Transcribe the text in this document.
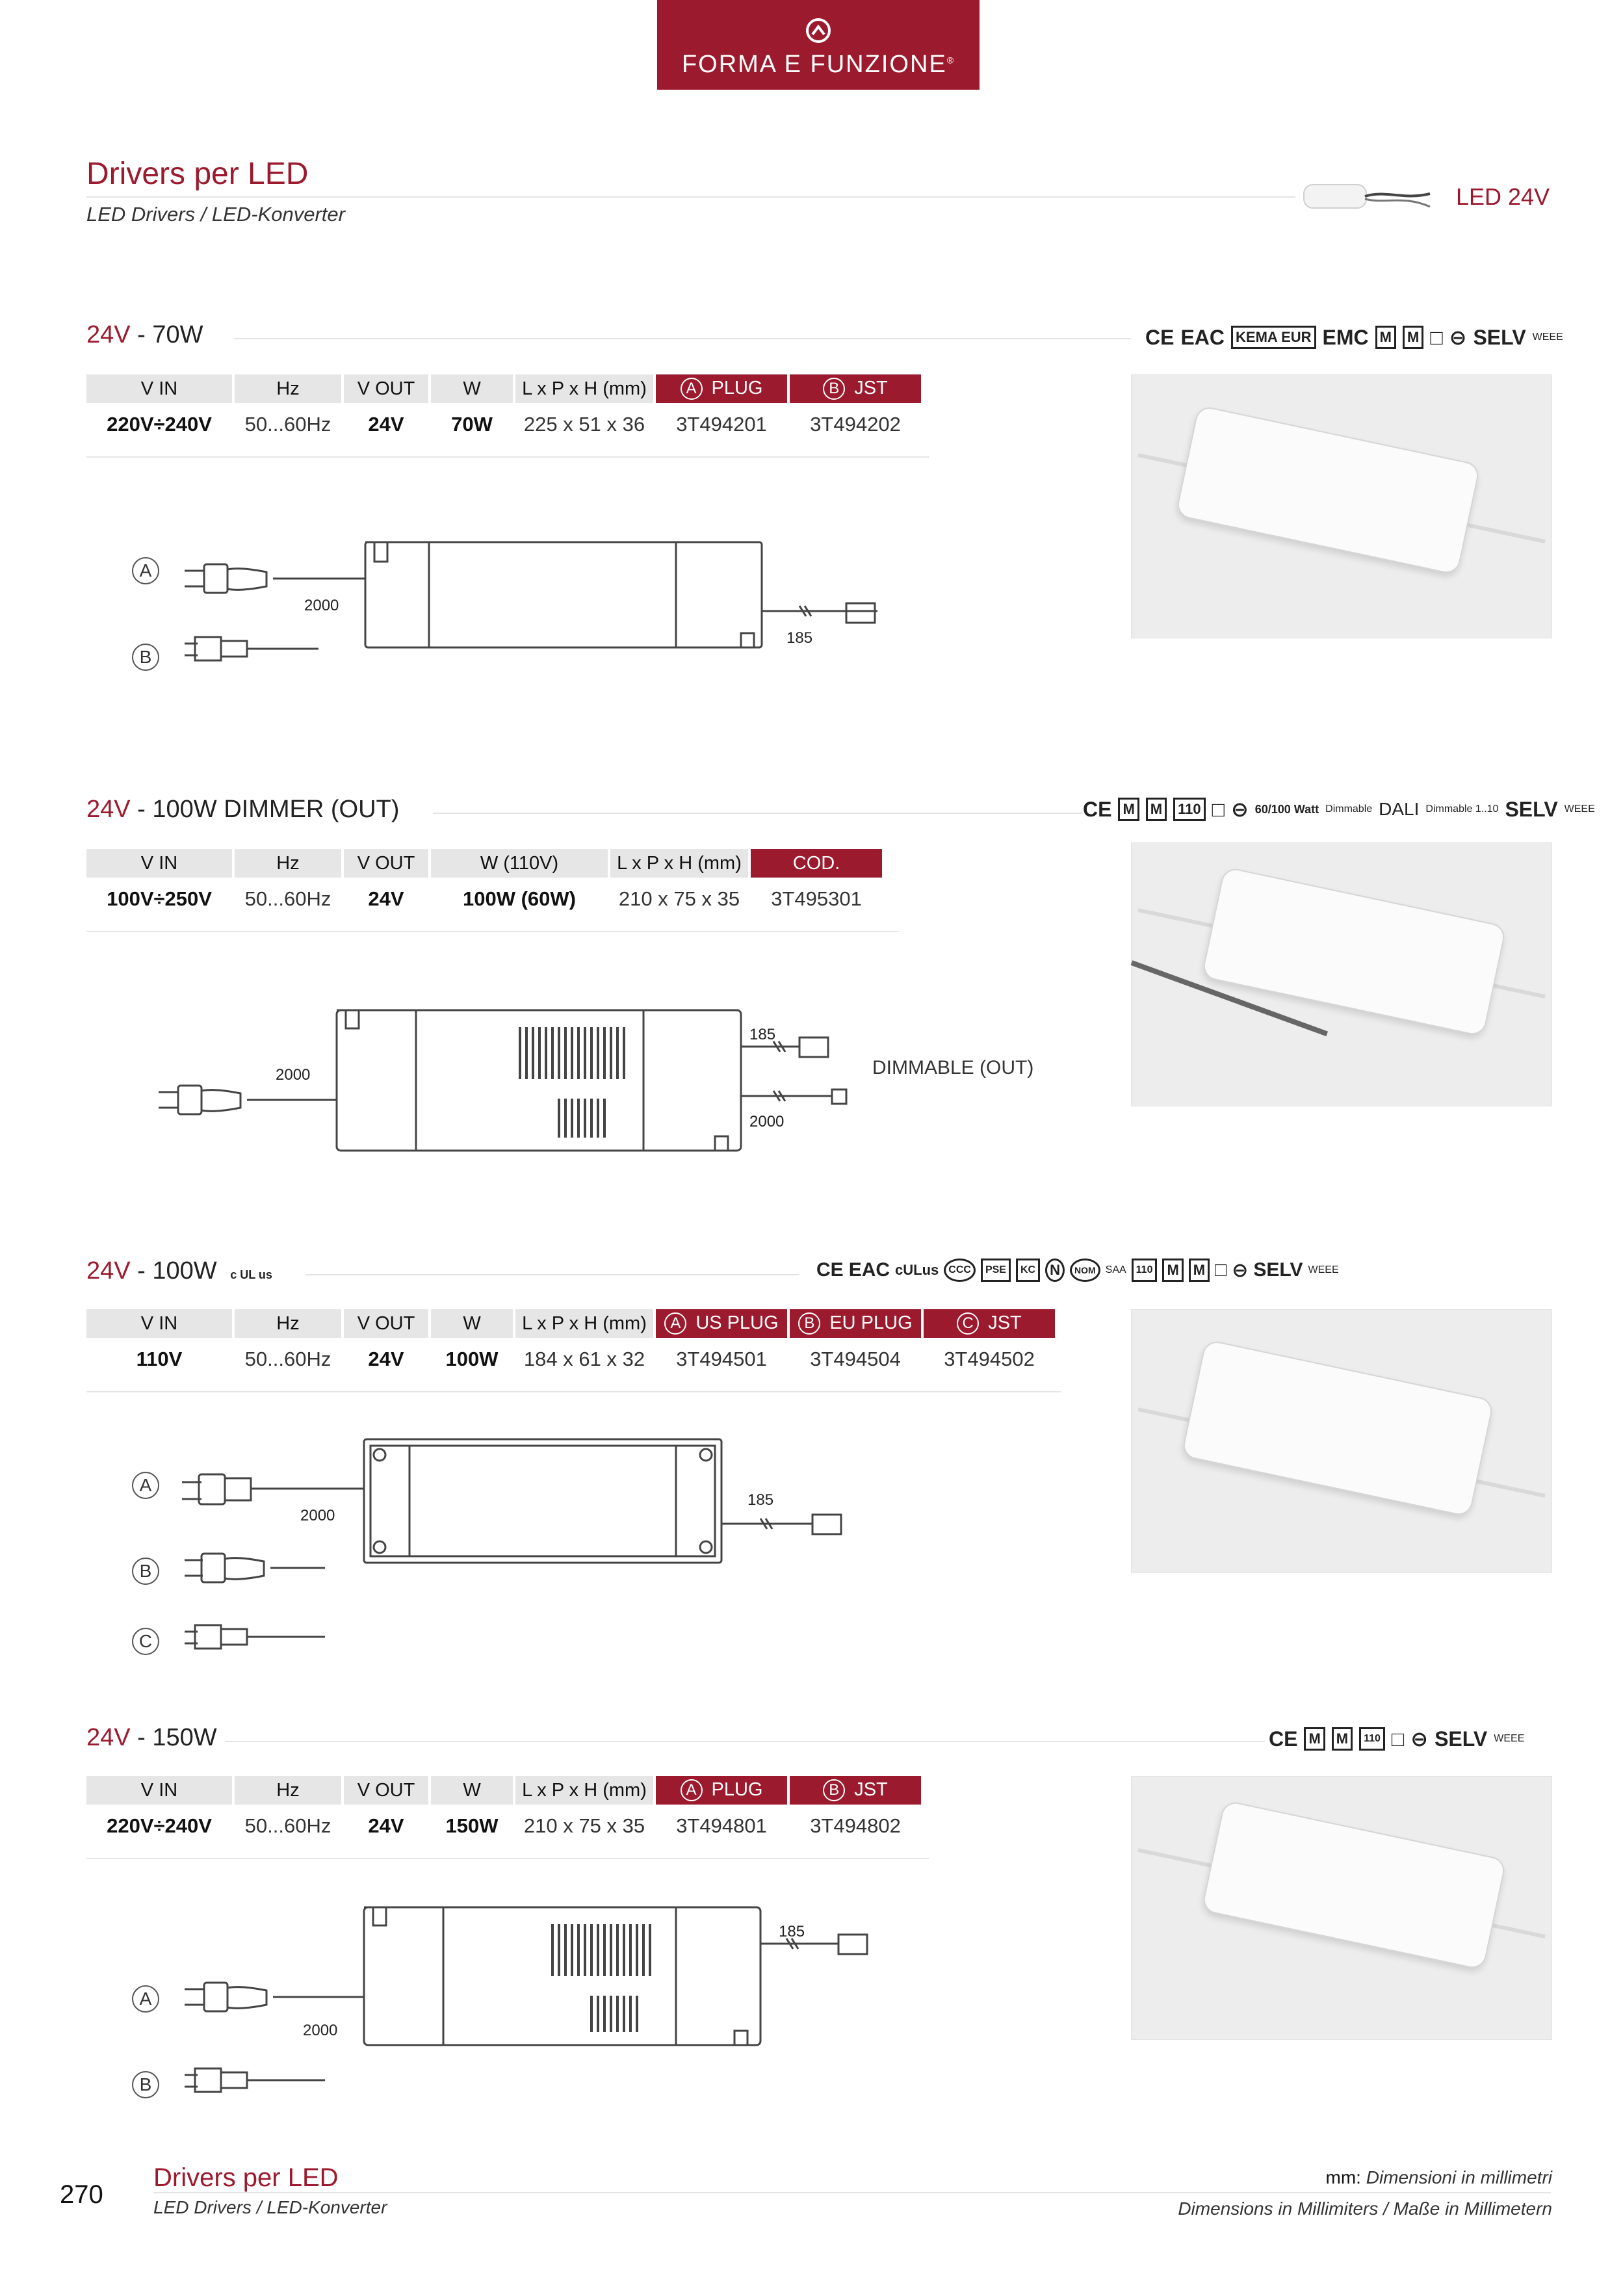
FORMA E FUNZIONE®
Drivers per LED
LED Drivers / LED-Konverter
LED 24V
24V - 70W	CE EAC KEMA EUR EMC M	M □ ⊖ SELV WEEE
V IN	Hz	V OUT	W	L x P x H (mm)	A PLUG	B JST
220V÷240V	50...60Hz	24V	70W	225 x 51 x 36	3T494201	3T494202
A
B
2000
185
24V - 100W DIMMER (OUT)	CE M	M	110 □ ⊖ 60/100 Watt Dimmable DALI Dimmable 1..10 SELV WEEE
V IN	Hz	V OUT	W (110V)	L x P x H (mm)	COD.
100V÷250V	50...60Hz	24V	100W (60W)	210 x 75 x 35	3T495301
2000
185
2000
DIMMABLE (OUT)
24V - 100W c UL us	CE EAC cULus CCC	PSE	KC	N	NOM SAA 110	M	M □ ⊖ SELV WEEE
V IN	Hz	V OUT	W	L x P x H (mm)	A US PLUG	B EU PLUG	C JST
110V	50...60Hz	24V	100W	184 x 61 x 32	3T494501	3T494504	3T494502
A
B
C
2000
185
24V - 150W	CE M	M	110 □ ⊖ SELV WEEE
V IN	Hz	V OUT	W	L x P x H (mm)	A PLUG	B JST
220V÷240V	50...60Hz	24V	150W	210 x 75 x 35	3T494801	3T494802
A
B
2000
185
270
Drivers per LED
LED Drivers / LED-Konverter
mm: Dimensioni in millimetri
Dimensions in Millimiters / Maße in Millimetern
